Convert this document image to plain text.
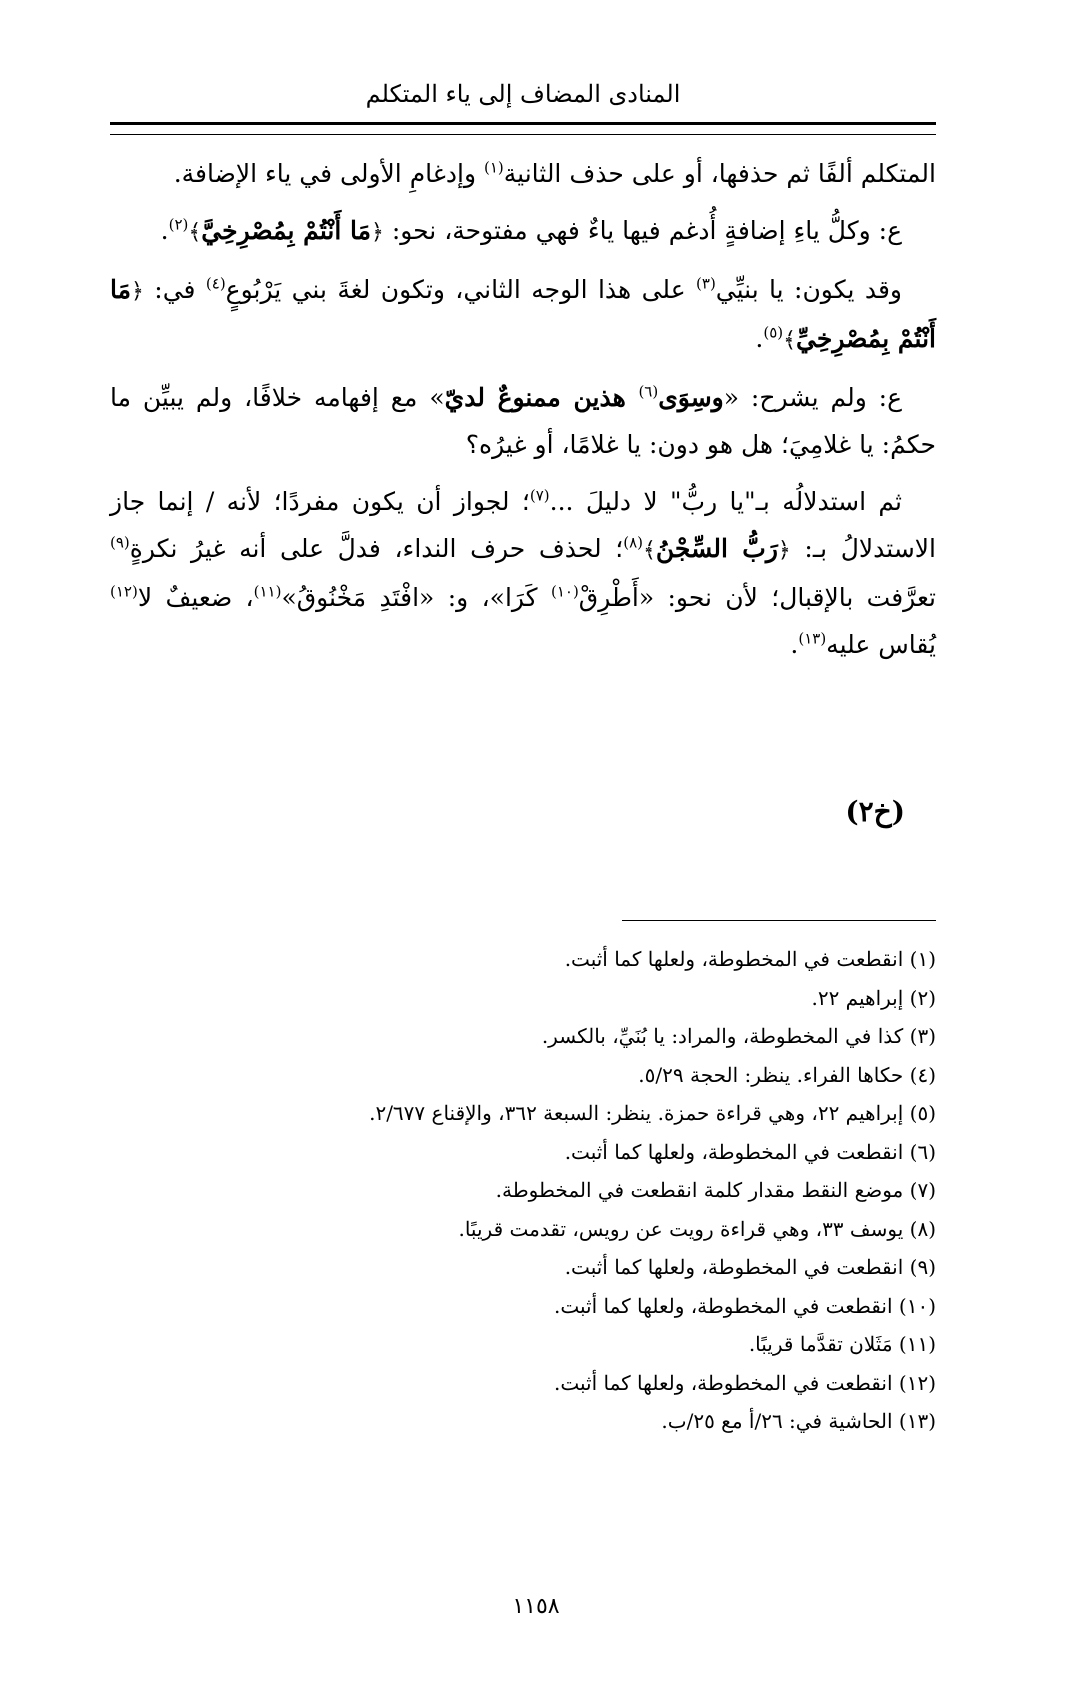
المنادى المضاف إلى ياء المتكلم

المتكلم ألفًا ثم حذفها، أو على حذف الثانية$^{(١)}$ وإدغامِ الأولى في ياء الإضافة.

ع: وكلُّ ياءِ إضافةٍ أُدغم فيها ياءٌ فهي مفتوحة، نحو: ﴿مَا أَنْتُمْ بِمُصْرِخِيَّ﴾$^{(٢)}$.

وقد يكون: يا بنيِّي$^{(٣)}$ على هذا الوجه الثاني، وتكون لغةَ بني يَرْبُوعٍ$^{(٤)}$ في: ﴿مَا أَنْتُمْ بِمُصْرِخِيِّ﴾$^{(٥)}$.

ع: ولم يشرح: «وسِوَى$^{(٦)}$ هذين ممنوعٌ لديّ» مع إفهامه خلافًا، ولم يبيِّن ما حكمُ: يا غلامِيَ؛ هل هو دون: يا غلامًا، أو غيرُه؟

ثم استدلالُه بـ"يا ربُّ" لا دليلَ ...$^{(٧)}$؛ لجواز أن يكون مفردًا؛ لأنه / إنما جاز الاستدلالُ بـ: ﴿رَبُّ السِّجْنُ﴾$^{(٨)}$؛ لحذف حرف النداء، فدلَّ على أنه غيرُ نكرةٍ$^{(٩)}$ تعرَّفت بالإقبال؛ لأن نحو: «أَطْرِقْ$^{(١٠)}$ كَرَا»، و: «افْتَدِ مَخْنُوقُ»$^{(١١)}$، ضعيفٌ لا$^{(١٢)}$ يُقاس عليه$^{(١٣)}$.

(خ٢)
(١) انقطعت في المخطوطة، ولعلها كما أثبت.
(٢) إبراهيم ٢٢.
(٣) كذا في المخطوطة، والمراد: يا بُنَيِّ، بالكسر.
(٤) حكاها الفراء. ينظر: الحجة ٥/٢٩.
(٥) إبراهيم ٢٢، وهي قراءة حمزة. ينظر: السبعة ٣٦٢، والإقناع ٢/٦٧٧.
(٦) انقطعت في المخطوطة، ولعلها كما أثبت.
(٧) موضع النقط مقدار كلمة انقطعت في المخطوطة.
(٨) يوسف ٣٣، وهي قراءة رويت عن رويس، تقدمت قريبًا.
(٩) انقطعت في المخطوطة، ولعلها كما أثبت.
(١٠) انقطعت في المخطوطة، ولعلها كما أثبت.
(١١) مَثَلان تقدَّما قريبًا.
(١٢) انقطعت في المخطوطة، ولعلها كما أثبت.
(١٣) الحاشية في: ٢٦/أ مع ٢٥/ب.
١١٥٨
